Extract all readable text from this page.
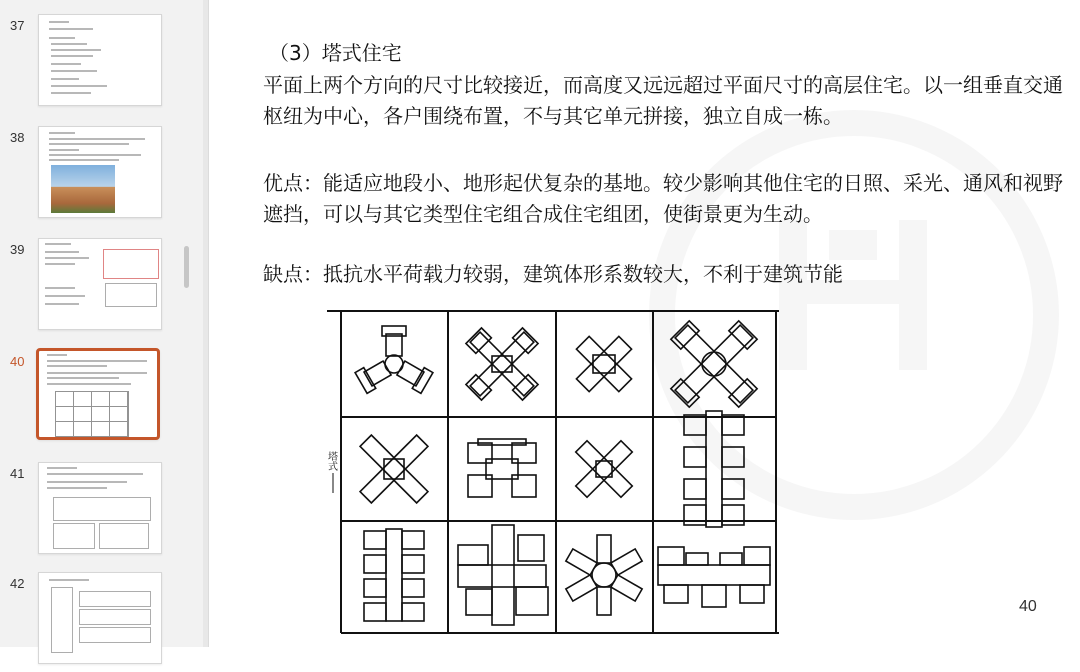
37
38
39
40
41
42
（3）塔式住宅
平面上两个方向的尺寸比较接近，而高度又远远超过平面尺寸的高层住宅。以一组垂直交通枢纽为中心，各户围绕布置，不与其它单元拼接，独立自成一栋。
优点：能适应地段小、地形起伏复杂的基地。较少影响其他住宅的日照、采光、通风和视野遮挡，可以与其它类型住宅组合成住宅组团，使街景更为生动。
缺点：抵抗水平荷载力较弱，建筑体形系数较大，不利于建筑节能
塔式
40
